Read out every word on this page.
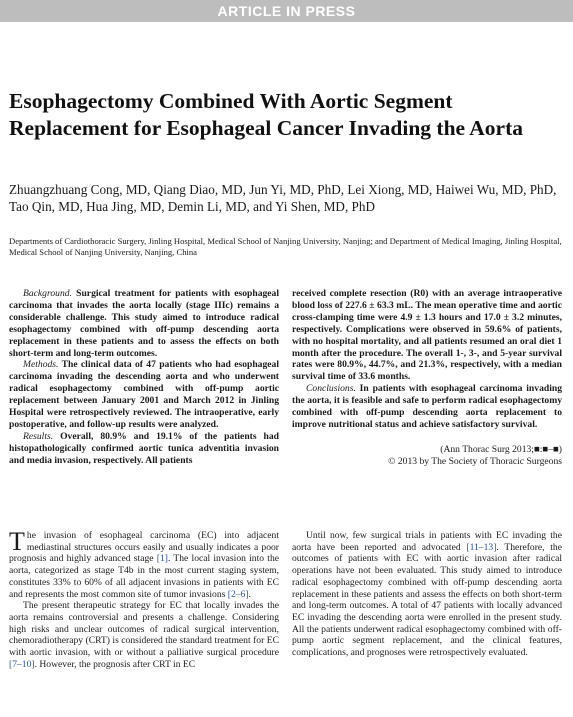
ARTICLE IN PRESS
Esophagectomy Combined With Aortic Segment Replacement for Esophageal Cancer Invading the Aorta

Zhuangzhuang Cong, MD, Qiang Diao, MD, Jun Yi, MD, PhD, Lei Xiong, MD, Haiwei Wu, MD, PhD, Tao Qin, MD, Hua Jing, MD, Demin Li, MD, and Yi Shen, MD, PhD

Departments of Cardiothoracic Surgery, Jinling Hospital, Medical School of Nanjing University, Nanjing; and Department of Medical Imaging, Jinling Hospital, Medical School of Nanjing University, Nanjing, China

Background. Surgical treatment for patients with esophageal carcinoma that invades the aorta locally (stage IIIc) remains a considerable challenge. This study aimed to introduce radical esophagectomy combined with off-pump descending aorta replacement in these patients and to assess the effects on both short-term and long-term outcomes.

Methods. The clinical data of 47 patients who had esophageal carcinoma invading the descending aorta and who underwent radical esophagectomy combined with off-pump aortic replacement between January 2001 and March 2012 in Jinling Hospital were retrospectively reviewed. The intraoperative, early postoperative, and follow-up results were analyzed.

Results. Overall, 80.9% and 19.1% of the patients had histopathologically confirmed aortic tunica adventitia invasion and media invasion, respectively. All patients

received complete resection (R0) with an average intraoperative blood loss of 227.6 ± 63.3 mL. The mean operative time and aortic cross-clamping time were 4.9 ± 1.3 hours and 17.0 ± 3.2 minutes, respectively. Complications were observed in 59.6% of patients, with no hospital mortality, and all patients resumed an oral diet 1 month after the procedure. The overall 1-, 3-, and 5-year survival rates were 80.9%, 44.7%, and 21.3%, respectively, with a median survival time of 33.6 months.

Conclusions. In patients with esophageal carcinoma invading the aorta, it is feasible and safe to perform radical esophagectomy combined with off-pump descending aorta replacement to improve nutritional status and achieve satisfactory survival.

(Ann Thorac Surg 2013;■:■–■)

© 2013 by The Society of Thoracic Surgeons

The invasion of esophageal carcinoma (EC) into adjacent mediastinal structures occurs easily and usually indicates a poor prognosis and highly advanced stage [1]. The local invasion into the aorta, categorized as stage T4b in the most current staging system, constitutes 33% to 60% of all adjacent invasions in patients with EC and represents the most common site of tumor invasions [2–6].

The present therapeutic strategy for EC that locally invades the aorta remains controversial and presents a challenge. Considering high risks and unclear outcomes of radical surgical intervention, chemoradiotherapy (CRT) is considered the standard treatment for EC with aortic invasion, with or without a palliative surgical procedure [7–10]. However, the prognosis after CRT in EC

Until now, few surgical trials in patients with EC invading the aorta have been reported and advocated [11–13]. Therefore, the outcomes of patients with EC with aortic invasion after radical operations have not been evaluated. This study aimed to introduce radical esophagectomy combined with off-pump descending aorta replacement in these patients and assess the effects on both short-term and long-term outcomes. A total of 47 patients with locally advanced EC invading the descending aorta were enrolled in the present study. All the patients underwent radical esophagectomy combined with off-pump aortic segment replacement, and the clinical features, complications, and prognoses were retrospectively evaluated.
